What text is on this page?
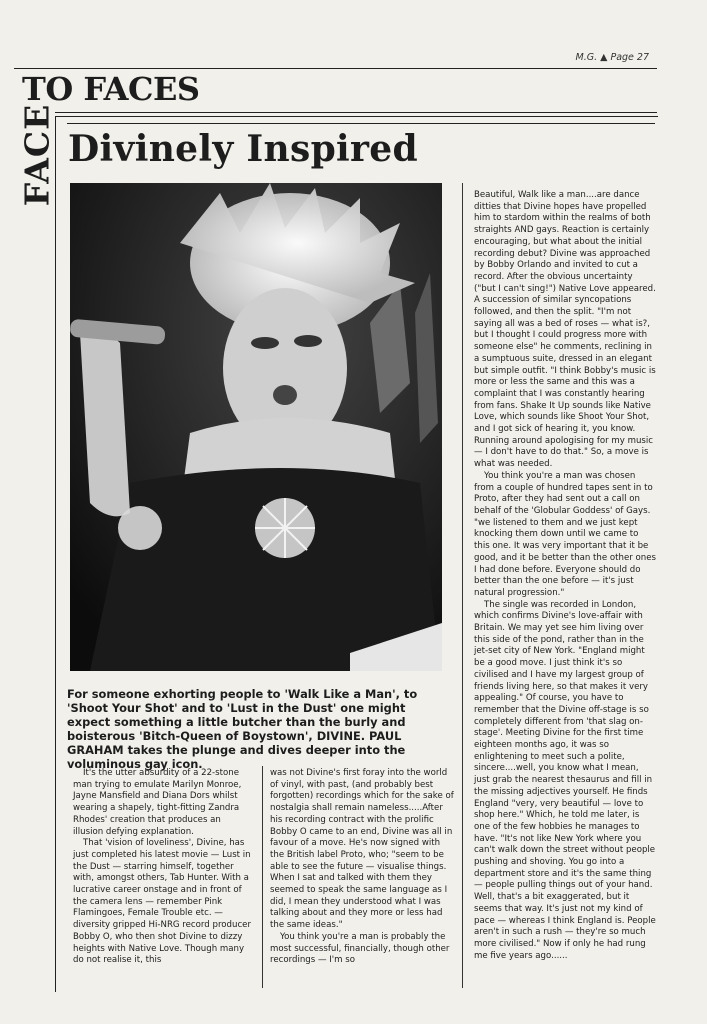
M.G. ▲ Page 27
TO FACES
FACE Divinely Inspired
For someone exhorting people to 'Walk Like a Man', to 'Shoot Your Shot' and to 'Lust in the Dust' one might expect something a little butcher than the burly and boisterous 'Bitch-Queen of Boystown', DIVINE. PAUL GRAHAM takes the plunge and dives deeper into the voluminous gay icon.

It's the utter absurdity of a 22-stone man trying to emulate Marilyn Monroe, Jayne Mansfield and Diana Dors whilst wearing a shapely, tight-fitting Zandra Rhodes' creation that produces an illusion defying explanation.

That 'vision of loveliness', Divine, has just completed his latest movie — Lust in the Dust — starring himself, together with, amongst others, Tab Hunter. With a lucrative career onstage and in front of the camera lens — remember Pink Flamingoes, Female Trouble etc. — diversity gripped Hi-NRG record producer Bobby O, who then shot Divine to dizzy heights with Native Love. Though many do not realise it, this

was not Divine's first foray into the world of vinyl, with past, (and probably best forgotten) recordings which for the sake of nostalgia shall remain nameless.....After his recording contract with the prolific Bobby O came to an end, Divine was all in favour of a move. He's now signed with the British label Proto, who; "seem to be able to see the future — visualise things. When I sat and talked with them they seemed to speak the same language as I did, I mean they understood what I was talking about and they more or less had the same ideas."

You think you're a man is probably the most successful, financially, though other recordings — I'm so

Beautiful, Walk like a man....are dance ditties that Divine hopes have propelled him to stardom within the realms of both straights AND gays. Reaction is certainly encouraging, but what about the initial recording debut? Divine was approached by Bobby Orlando and invited to cut a record. After the obvious uncertainty ("but I can't sing!") Native Love appeared. A succession of similar syncopations followed, and then the split. "I'm not saying all was a bed of roses — what is?, but I thought I could progress more with someone else" he comments, reclining in a sumptuous suite, dressed in an elegant but simple outfit. "I think Bobby's music is more or less the same and this was a complaint that I was constantly hearing from fans. Shake It Up sounds like Native Love, which sounds like Shoot Your Shot, and I got sick of hearing it, you know. Running around apologising for my music — I don't have to do that." So, a move is what was needed.

You think you're a man was chosen from a couple of hundred tapes sent in to Proto, after they had sent out a call on behalf of the 'Globular Goddess' of Gays. "we listened to them and we just kept knocking them down until we came to this one. It was very important that it be good, and it be better than the other ones I had done before. Everyone should do better than the one before — it's just natural progression."

The single was recorded in London, which confirms Divine's love-affair with Britain. We may yet see him living over this side of the pond, rather than in the jet-set city of New York. "England might be a good move. I just think it's so civilised and I have my largest group of friends living here, so that makes it very appealing." Of course, you have to remember that the Divine off-stage is so completely different from 'that slag on-stage'. Meeting Divine for the first time eighteen months ago, it was so enlightening to meet such a polite, sincere....well, you know what I mean, just grab the nearest thesaurus and fill in the missing adjectives yourself. He finds England "very, very beautiful — love to shop here." Which, he told me later, is one of the few hobbies he manages to have. "It's not like New York where you can't walk down the street without people pushing and shoving. You go into a department store and it's the same thing — people pulling things out of your hand. Well, that's a bit exaggerated, but it seems that way. It's just not my kind of pace — whereas I think England is. People aren't in such a rush — they're so much more civilised." Now if only he had rung me five years ago......
